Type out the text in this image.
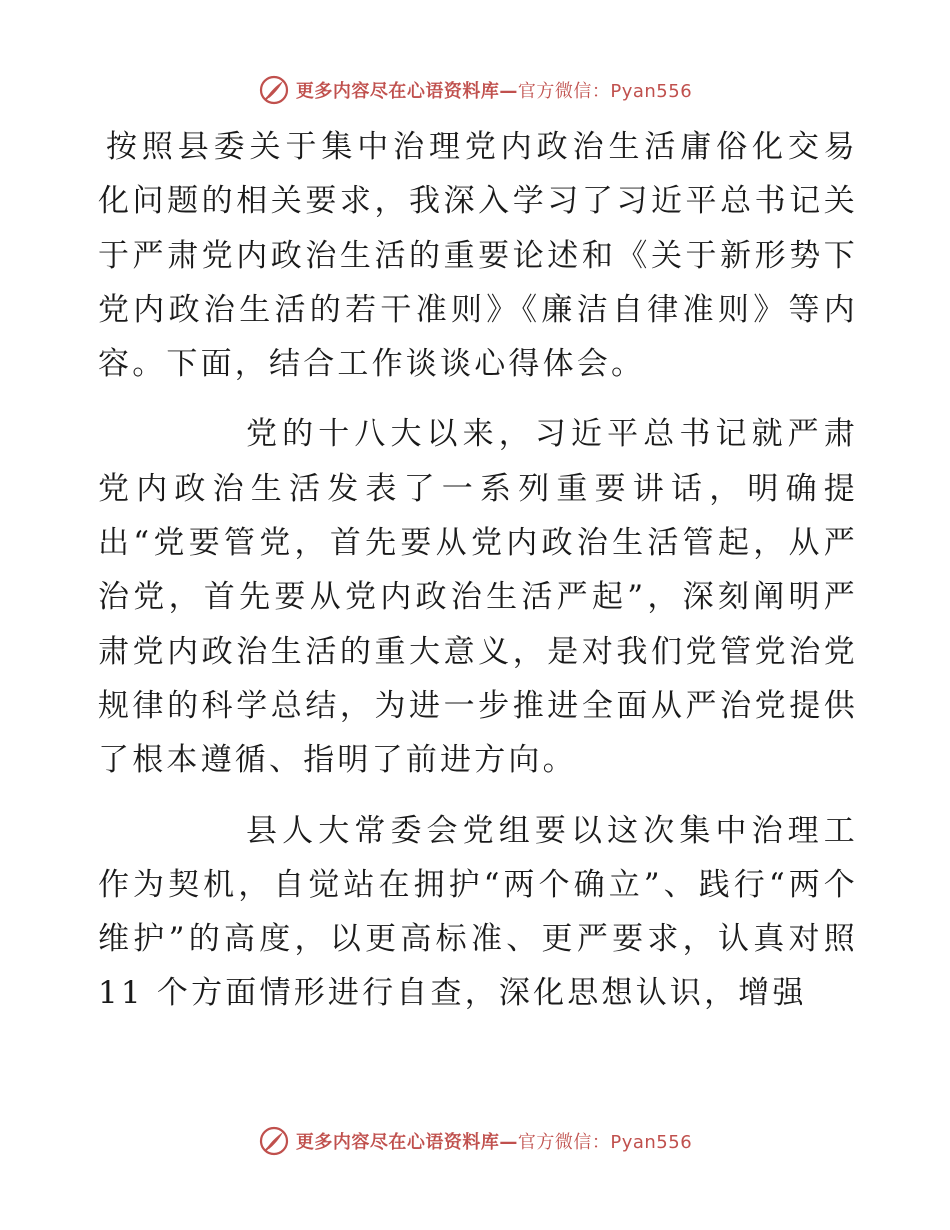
更多内容尽在心语资料库—官方微信：Pyan556

按照县委关于集中治理党内政治生活庸俗化交易化问题的相关要求，我深入学习了习近平总书记关于严肃党内政治生活的重要论述和《关于新形势下党内政治生活的若干准则》《廉洁自律准则》等内容。下面，结合工作谈谈心得体会。

党的十八大以来，习近平总书记就严肃党内政治生活发表了一系列重要讲话，明确提出“党要管党，首先要从党内政治生活管起，从严治党，首先要从党内政治生活严起”，深刻阐明严肃党内政治生活的重大意义，是对我们党管党治党规律的科学总结，为进一步推进全面从严治党提供了根本遵循、指明了前进方向。

县人大常委会党组要以这次集中治理工作为契机，自觉站在拥护“两个确立”、践行“两个维护”的高度，以更高标准、更严要求，认真对照 11 个方面情形进行自查，深化思想认识，增强

更多内容尽在心语资料库—官方微信：Pyan556
